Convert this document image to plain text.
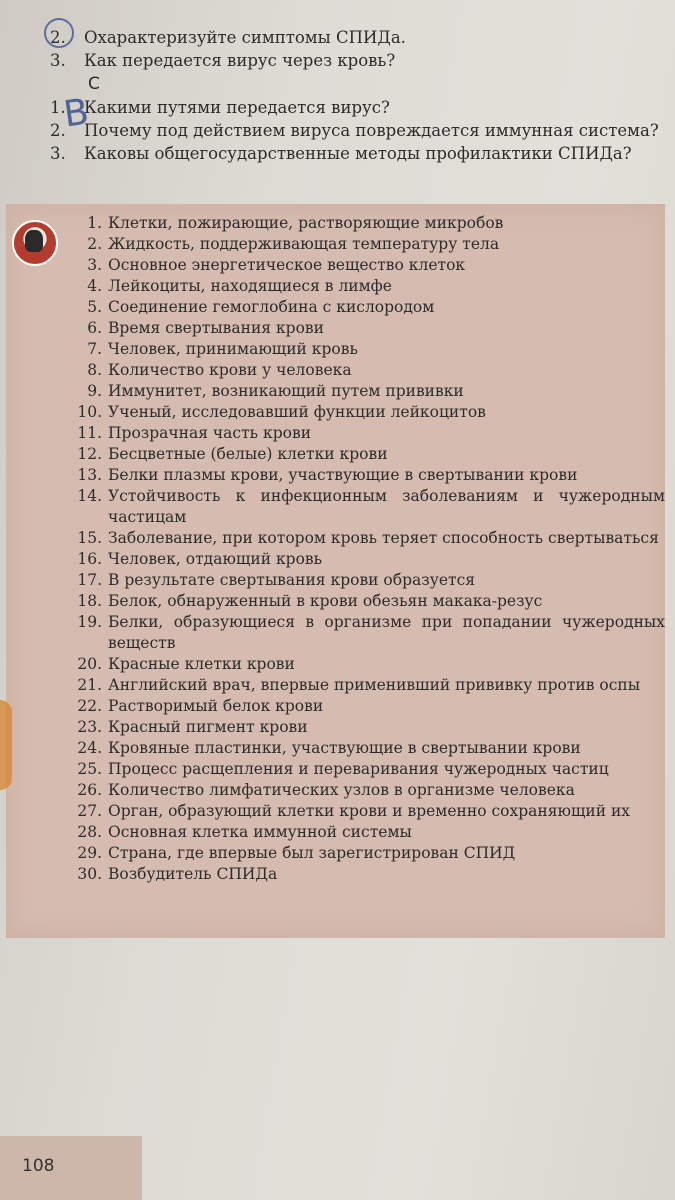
2. Охарактеризуйте симптомы СПИДа.
3. Как передается вирус через кровь?
С
1. Какими путями передается вирус?
2. Почему под действием вируса повреждается иммунная система?
3. Каковы общегосударственные методы профилактики СПИДа?
B
1. Клетки, пожирающие, растворяющие микробов
2. Жидкость, поддерживающая температуру тела
3. Основное энергетическое вещество клеток
4. Лейкоциты, находящиеся в лимфе
5. Соединение гемоглобина с кислородом
6. Время свертывания крови
7. Человек, принимающий кровь
8. Количество крови у человека
9. Иммунитет, возникающий путем прививки
10. Ученый, исследовавший функции лейкоцитов
11. Прозрачная часть крови
12. Бесцветные (белые) клетки крови
13. Белки плазмы крови, участвующие в свертывании крови
14. Устойчивость к инфекционным заболеваниям и чужеродным частицам
15. Заболевание, при котором кровь теряет способность свертываться
16. Человек, отдающий кровь
17. В результате свертывания крови образуется
18. Белок, обнаруженный в крови обезьян макака-резус
19. Белки, образующиеся в организме при попадании чужеродных веществ
20. Красные клетки крови
21. Английский врач, впервые применивший прививку против оспы
22. Растворимый белок крови
23. Красный пигмент крови
24. Кровяные пластинки, участвующие в свертывании крови
25. Процесс расщепления и переваривания чужеродных частиц
26. Количество лимфатических узлов в организме человека
27. Орган, образующий клетки крови и временно сохраняющий их
28. Основная клетка иммунной системы
29. Страна, где впервые был зарегистрирован СПИД
30. Возбудитель СПИДа
108
